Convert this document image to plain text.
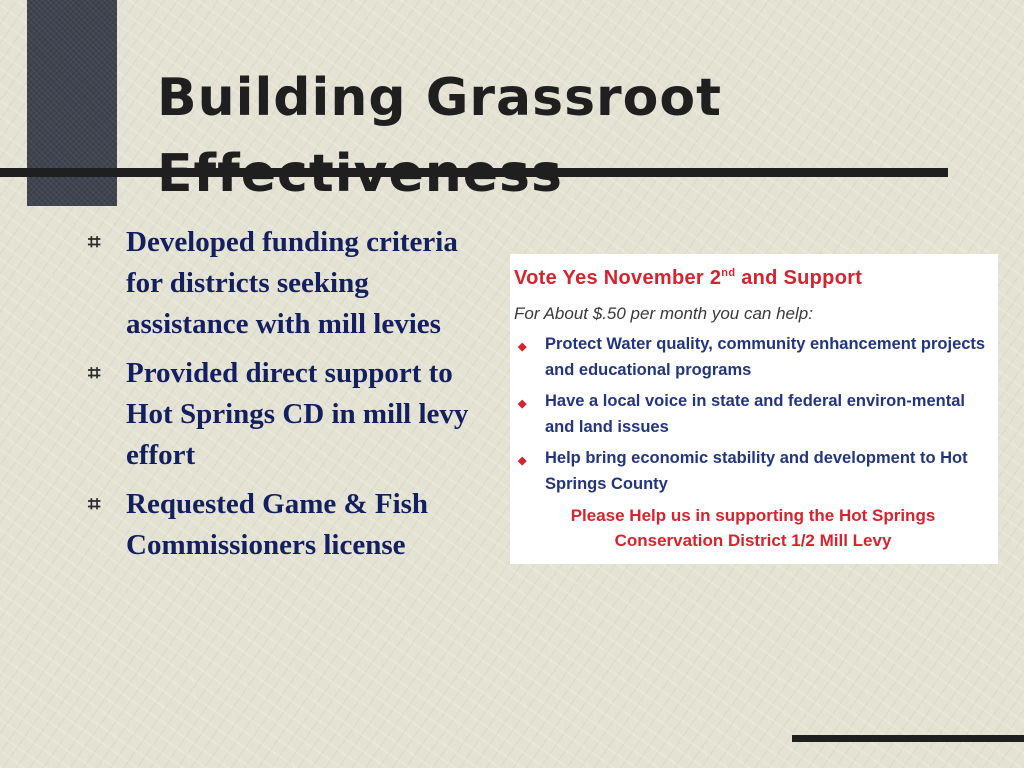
Building Grassroot
Effectiveness
⌗ Developed funding criteria for districts seeking assistance with mill levies
⌗ Provided direct support to Hot Springs CD in mill levy effort
⌗ Requested Game & Fish Commissioners license

Vote Yes November 2nd and Support

For About $.50 per month you can help:

◆ Protect Water quality, community enhancement projects and educational programs
◆ Have a local voice in state and federal environ-mental and land issues
◆ Help bring economic stability and development to Hot Springs County

Please Help us in supporting the Hot Springs
Conservation District 1/2 Mill Levy
